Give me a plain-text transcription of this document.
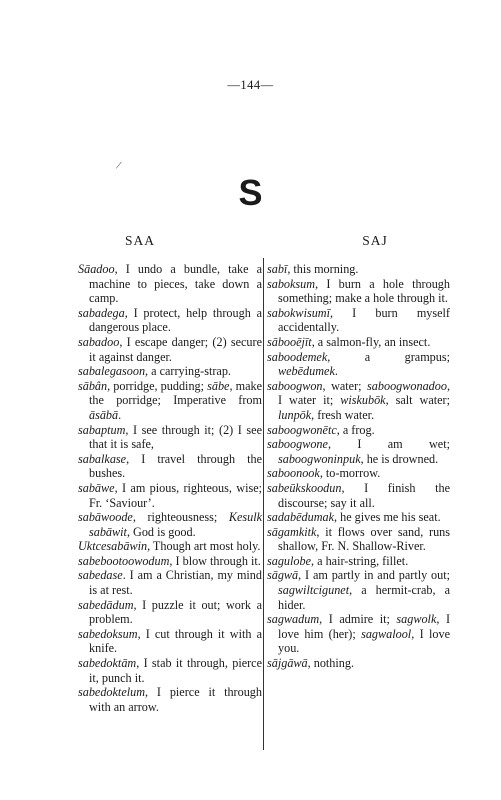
—144—
/
S
SAA	SAJ

Sāadoo, I undo a bundle, take a machine to pieces, take down a camp.

sabadega, I protect, help through a dangerous place.

sabadoo, I escape danger; (2) secure it against danger.

sabalegasoon, a carrying-strap.

sābân, porridge, pudding; sābe, make the porridge; Imperative from āsābā.

sabaptum, I see through it; (2) I see that it is safe,

sabalkase, I travel through the bushes.

sabāwe, I am pious, righteous, wise; Fr. ‘Saviour’.

sabāwoode, righteousness; Kesulk sabāwit, God is good.

Uktcesabāwin, Though art most holy.

sabebootoowodum, I blow through it.

sabedase. I am a Christian, my mind is at rest.

sabedādum, I puzzle it out; work a problem.

sabedoksum, I cut through it with a knife.

sabedoktām, I stab it through, pierce it, punch it.

sabedoktelum, I pierce it through with an arrow.

sabī, this morning.

saboksum, I burn a hole through something; make a hole through it.

sabokwisumī, I burn myself accidentally.

sābooējīt, a salmon-fly, an insect.

saboodemek, a grampus; webēdumek.

saboogwon, water; saboogwonadoo, I water it; wiskubōk, salt water; lunpōk, fresh water.

saboogwonētc, a frog.

saboogwone, I am wet; saboogwoninpuk, he is drowned.

saboonook, to-morrow.

sabeūkskoodun, I finish the discourse; say it all.

sadabēdumak, he gives me his seat.

sāgamkitk, it flows over sand, runs shallow, Fr. N. Shallow-River.

sagulobe, a hair-string, fillet.

sāgwā, I am partly in and partly out; sagwiltcigunet, a hermit-crab, a hider.

sagwadum, I admire it; sagwolk, I love him (her); sagwalool, I love you.

sājgāwā, nothing.
